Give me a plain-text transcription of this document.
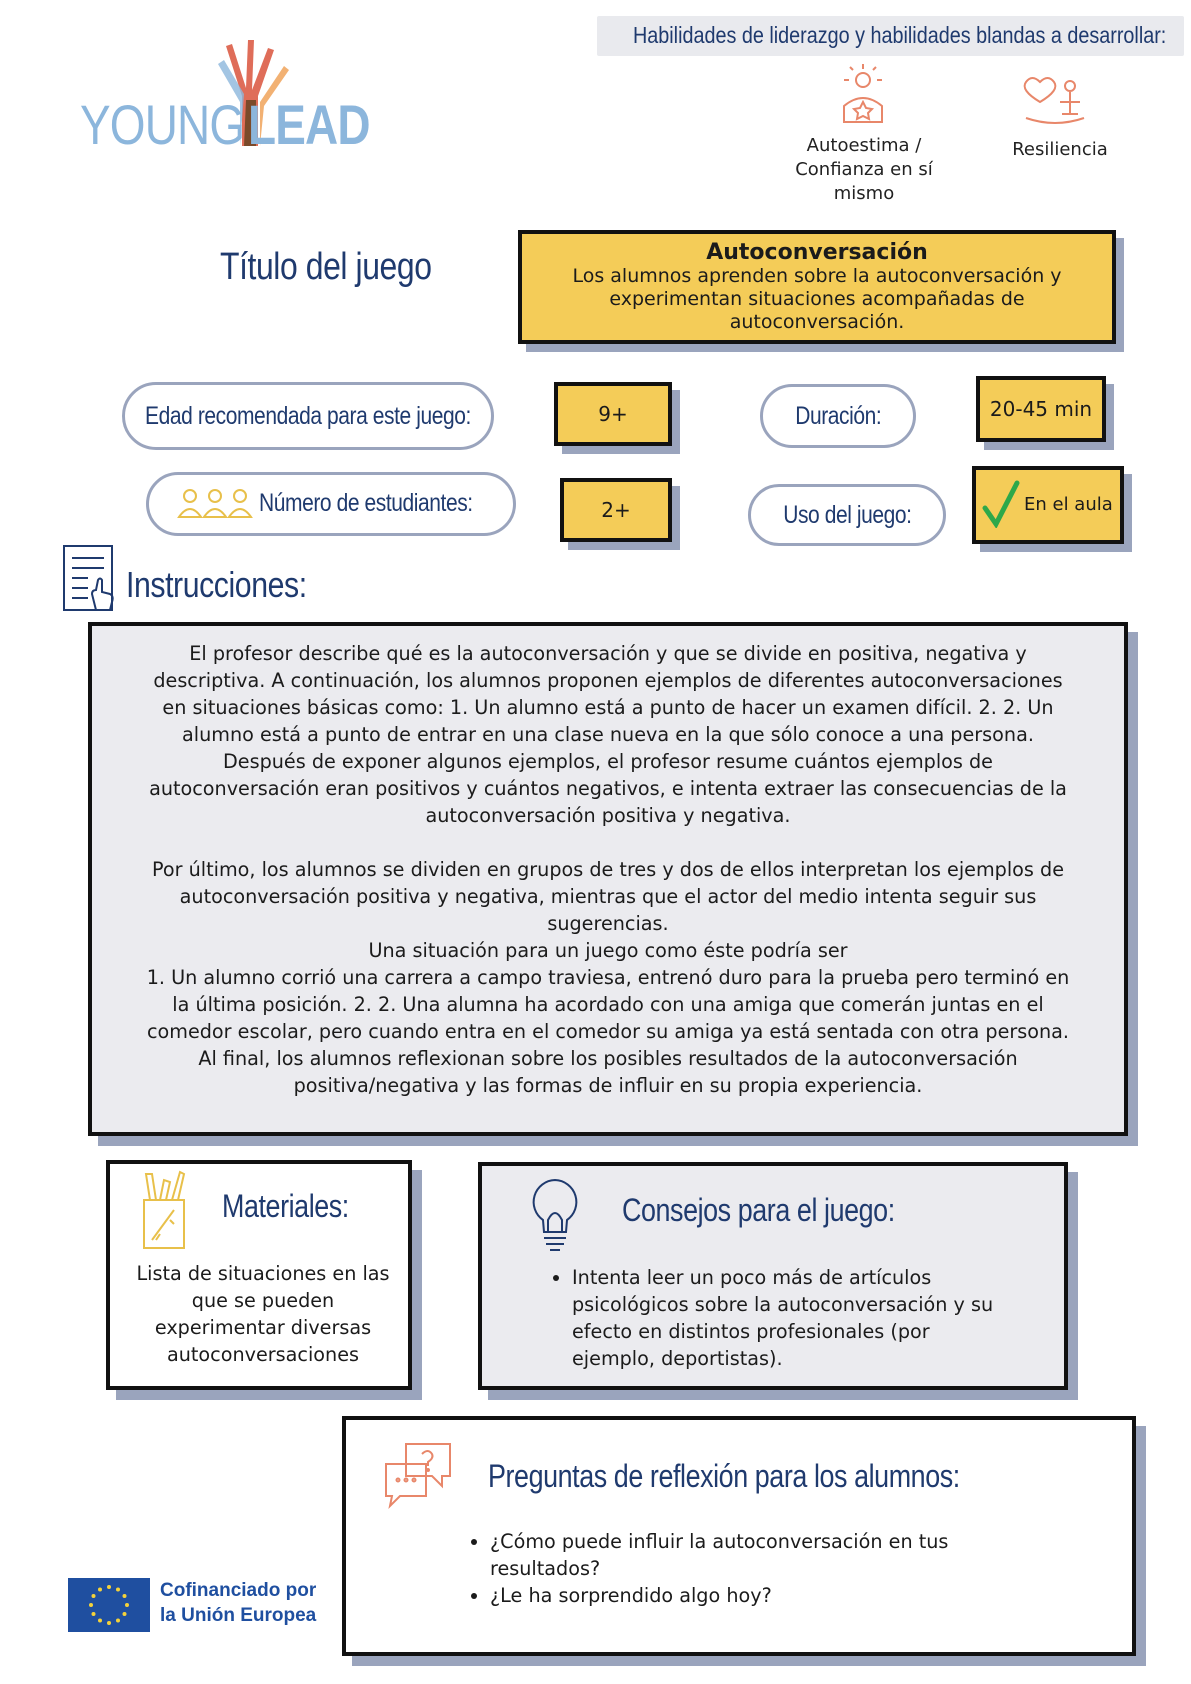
Habilidades de liderazgo y habilidades blandas a desarrollar:
YOUNG LEAD	Autoestima /
Confianza en sí
mismo
Resiliencia
Título del juego	Autoconversación
Los alumnos aprenden sobre la autoconversación y
experimentan situaciones acompañadas de
autoconversación.
Edad recomendada para este juego:	9+	Duración:	20-45 min
Número de estudiantes:	2+	Uso del juego:	En el aula
Instrucciones:
El profesor describe qué es la autoconversación y que se divide en positiva, negativa y
descriptiva. A continuación, los alumnos proponen ejemplos de diferentes autoconversaciones
en situaciones básicas como: 1. Un alumno está a punto de hacer un examen difícil. 2. 2. Un
alumno está a punto de entrar en una clase nueva en la que sólo conoce a una persona.
Después de exponer algunos ejemplos, el profesor resume cuántos ejemplos de
autoconversación eran positivos y cuántos negativos, e intenta extraer las consecuencias de la
autoconversación positiva y negativa.
Por último, los alumnos se dividen en grupos de tres y dos de ellos interpretan los ejemplos de
autoconversación positiva y negativa, mientras que el actor del medio intenta seguir sus
sugerencias.
Una situación para un juego como éste podría ser
1. Un alumno corrió una carrera a campo traviesa, entrenó duro para la prueba pero terminó en
la última posición. 2. 2. Una alumna ha acordado con una amiga que comerán juntas en el
comedor escolar, pero cuando entra en el comedor su amiga ya está sentada con otra persona.
Al final, los alumnos reflexionan sobre los posibles resultados de la autoconversación
positiva/negativa y las formas de influir en su propia experiencia.
Materiales:
Lista de situaciones en las
que se pueden
experimentar diversas
autoconversaciones
Consejos para el juego:
• Intenta leer un poco más de artículos
psicológicos sobre la autoconversación y su
efecto en distintos profesionales (por
ejemplo, deportistas).
Preguntas de reflexión para los alumnos:
• ¿Cómo puede influir la autoconversación en tus
resultados?
• ¿Le ha sorprendido algo hoy?
Cofinanciado por
la Unión Europea
